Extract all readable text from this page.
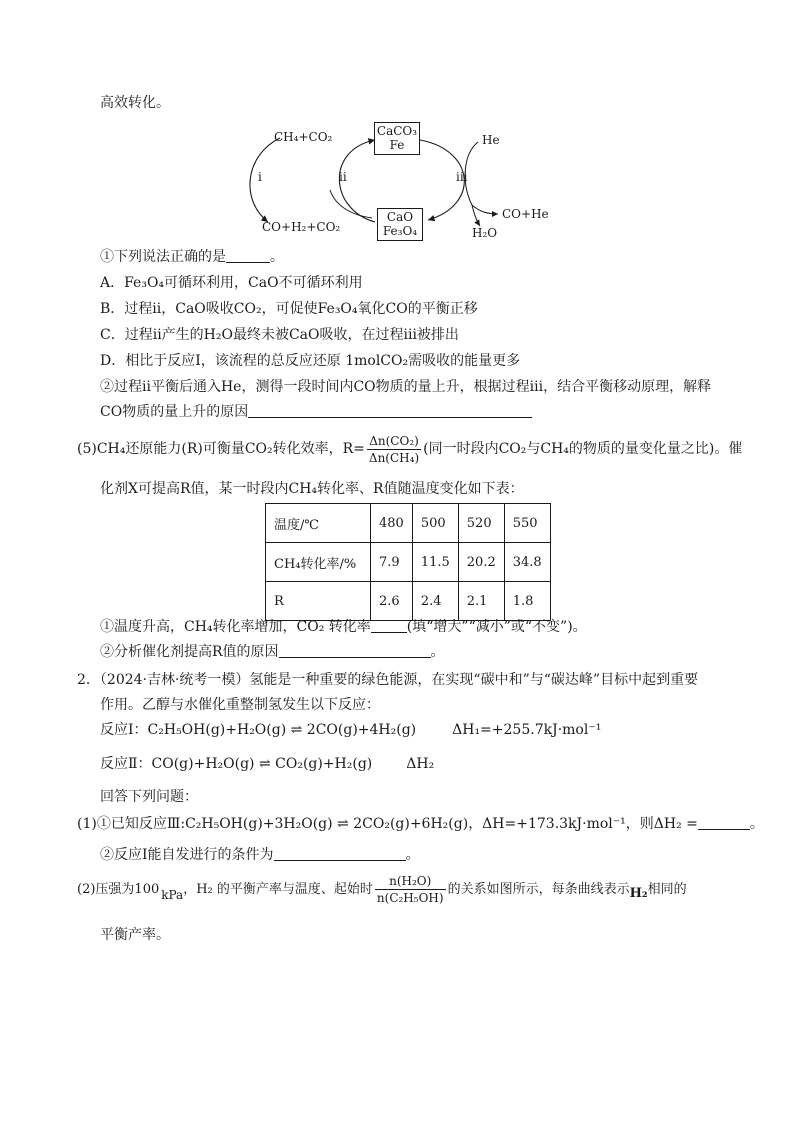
高效转化。
CH₄+CO₂
CO+H₂+CO₂
CaCO₃
Fe
CaO
Fe₃O₄
He
CO+He
H₂O
i	ii	iii
①下列说法正确的是	。
A．Fe₃O₄可循环利用，CaO不可循环利用
B．过程ii，CaO吸收CO₂，可促使Fe₃O₄氧化CO的平衡正移
C．过程ii产生的H₂O最终未被CaO吸收，在过程iii被排出
D．相比于反应Ⅰ，该流程的总反应还原 1molCO₂需吸收的能量更多
②过程ii平衡后通入He，测得一段时间内CO物质的量上升，根据过程iii，结合平衡移动原理，解释
CO物质的量上升的原因
(5)CH₄还原能力(R)可衡量CO₂转化效率，$R= \frac{\text{Δn(CO₂)}}{\text{Δn(CH₄)}}$ (同一时段内CO₂与CH₄的物质的量变化量之比)。催
化剂X可提高R值，某一时段内CH₄转化率、R值随温度变化如下表：
温度/℃	480	500	520	550
CH₄转化率/%	7.9	11.5	20.2	34.8
R	2.6	2.4	2.1	1.8
①温度升高，CH₄转化率增加，CO₂ 转化率	(填“增大”“减小”或“不变”)。
②分析催化剂提高R值的原因	。
2．（2024·吉林·统考一模）氢能是一种重要的绿色能源，在实现“碳中和”与“碳达峰”目标中起到重要
作用。乙醇与水催化重整制氢发生以下反应：
反应Ⅰ：C₂H₅OH(g)+H₂O(g) ⇌ 2CO(g)+4H₂(g)	ΔH₁=+255.7kJ·mol⁻¹
反应Ⅱ：CO(g)+H₂O(g) ⇌ CO₂(g)+H₂(g) ΔH₂
回答下列问题：
(1)①已知反应Ⅲ:C₂H₅OH(g)+3H₂O(g) ⇌ 2CO₂(g)+6H₂(g)，ΔH=+173.3kJ·mol⁻¹，则ΔH₂ =	。
②反应Ⅰ能自发进行的条件为	。
(2)压强为100 kPa，H₂ 的平衡产率与温度、起始时 $\frac{\text{n(H₂O)}}{\text{n(C₂H₅OH)}}$ 的关系如图所示，每条曲线表示H₂相同的
平衡产率。
